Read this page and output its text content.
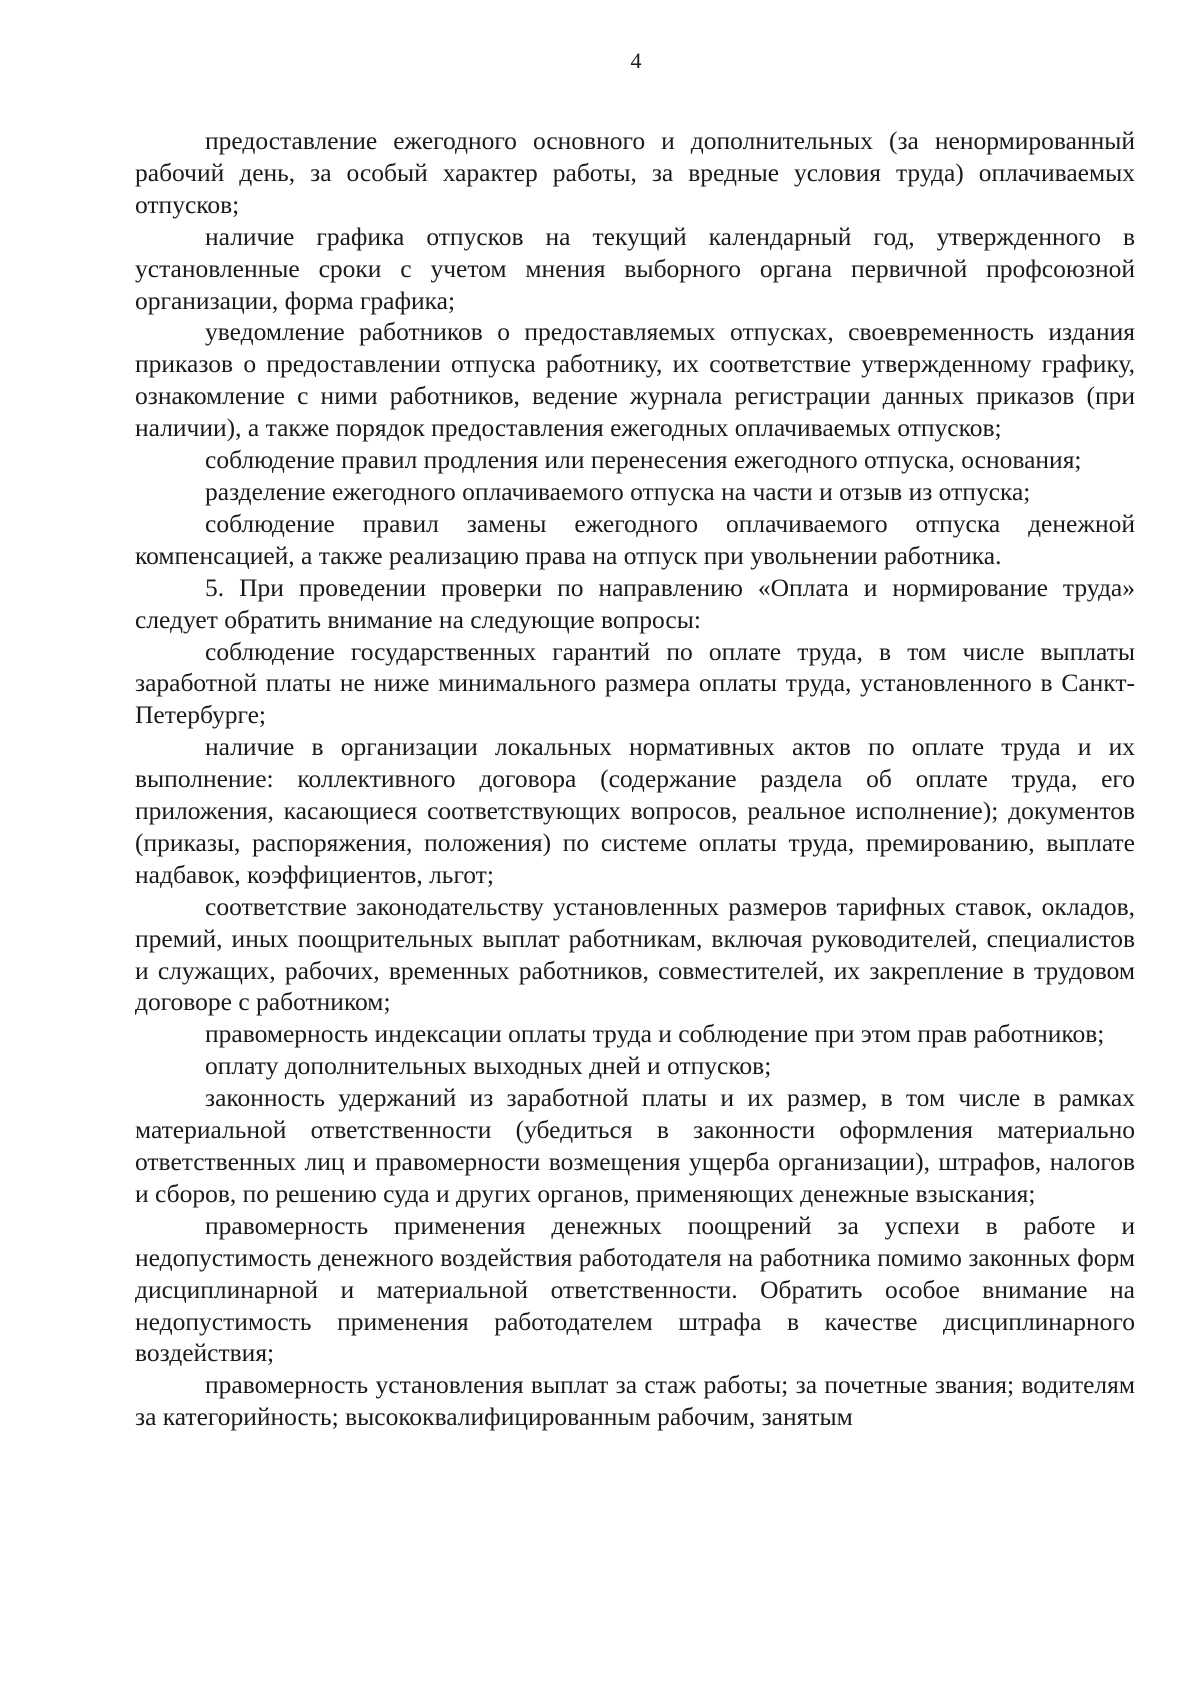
4

предоставление ежегодного основного и дополнительных (за ненормированный рабочий день, за особый характер работы, за вредные условия труда) оплачиваемых отпусков;

наличие графика отпусков на текущий календарный год, утвержденного в установленные сроки с учетом мнения выборного органа первичной профсоюзной организации, форма графика;

уведомление работников о предоставляемых отпусках, своевременность издания приказов о предоставлении отпуска работнику, их соответствие утвержденному графику, ознакомление с ними работников, ведение журнала регистрации данных приказов (при наличии), а также порядок предоставления ежегодных оплачиваемых отпусков;

соблюдение правил продления или перенесения ежегодного отпуска, основания;

разделение ежегодного оплачиваемого отпуска на части и отзыв из отпуска;

соблюдение правил замены ежегодного оплачиваемого отпуска денежной компенсацией, а также реализацию права на отпуск при увольнении работника.

5. При проведении проверки по направлению «Оплата и нормирование труда» следует обратить внимание на следующие вопросы:

соблюдение государственных гарантий по оплате труда, в том числе выплаты заработной платы не ниже минимального размера оплаты труда, установленного в Санкт-Петербурге;

наличие в организации локальных нормативных актов по оплате труда и их выполнение: коллективного договора (содержание раздела об оплате труда, его приложения, касающиеся соответствующих вопросов, реальное исполнение); документов (приказы, распоряжения, положения) по системе оплаты труда, премированию, выплате надбавок, коэффициентов, льгот;

соответствие законодательству установленных размеров тарифных ставок, окладов, премий, иных поощрительных выплат работникам, включая руководителей, специалистов и служащих, рабочих, временных работников, совместителей, их закрепление в трудовом договоре с работником;

правомерность индексации оплаты труда и соблюдение при этом прав работников;

оплату дополнительных выходных дней и отпусков;

законность удержаний из заработной платы и их размер, в том числе в рамках материальной ответственности (убедиться в законности оформления материально ответственных лиц и правомерности возмещения ущерба организации), штрафов, налогов и сборов, по решению суда и других органов, применяющих денежные взыскания;

правомерность применения денежных поощрений за успехи в работе и недопустимость денежного воздействия работодателя на работника помимо законных форм дисциплинарной и материальной ответственности. Обратить особое внимание на недопустимость применения работодателем штрафа в качестве дисциплинарного воздействия;

правомерность установления выплат за стаж работы; за почетные звания; водителям за категорийность; высококвалифицированным рабочим, занятым
